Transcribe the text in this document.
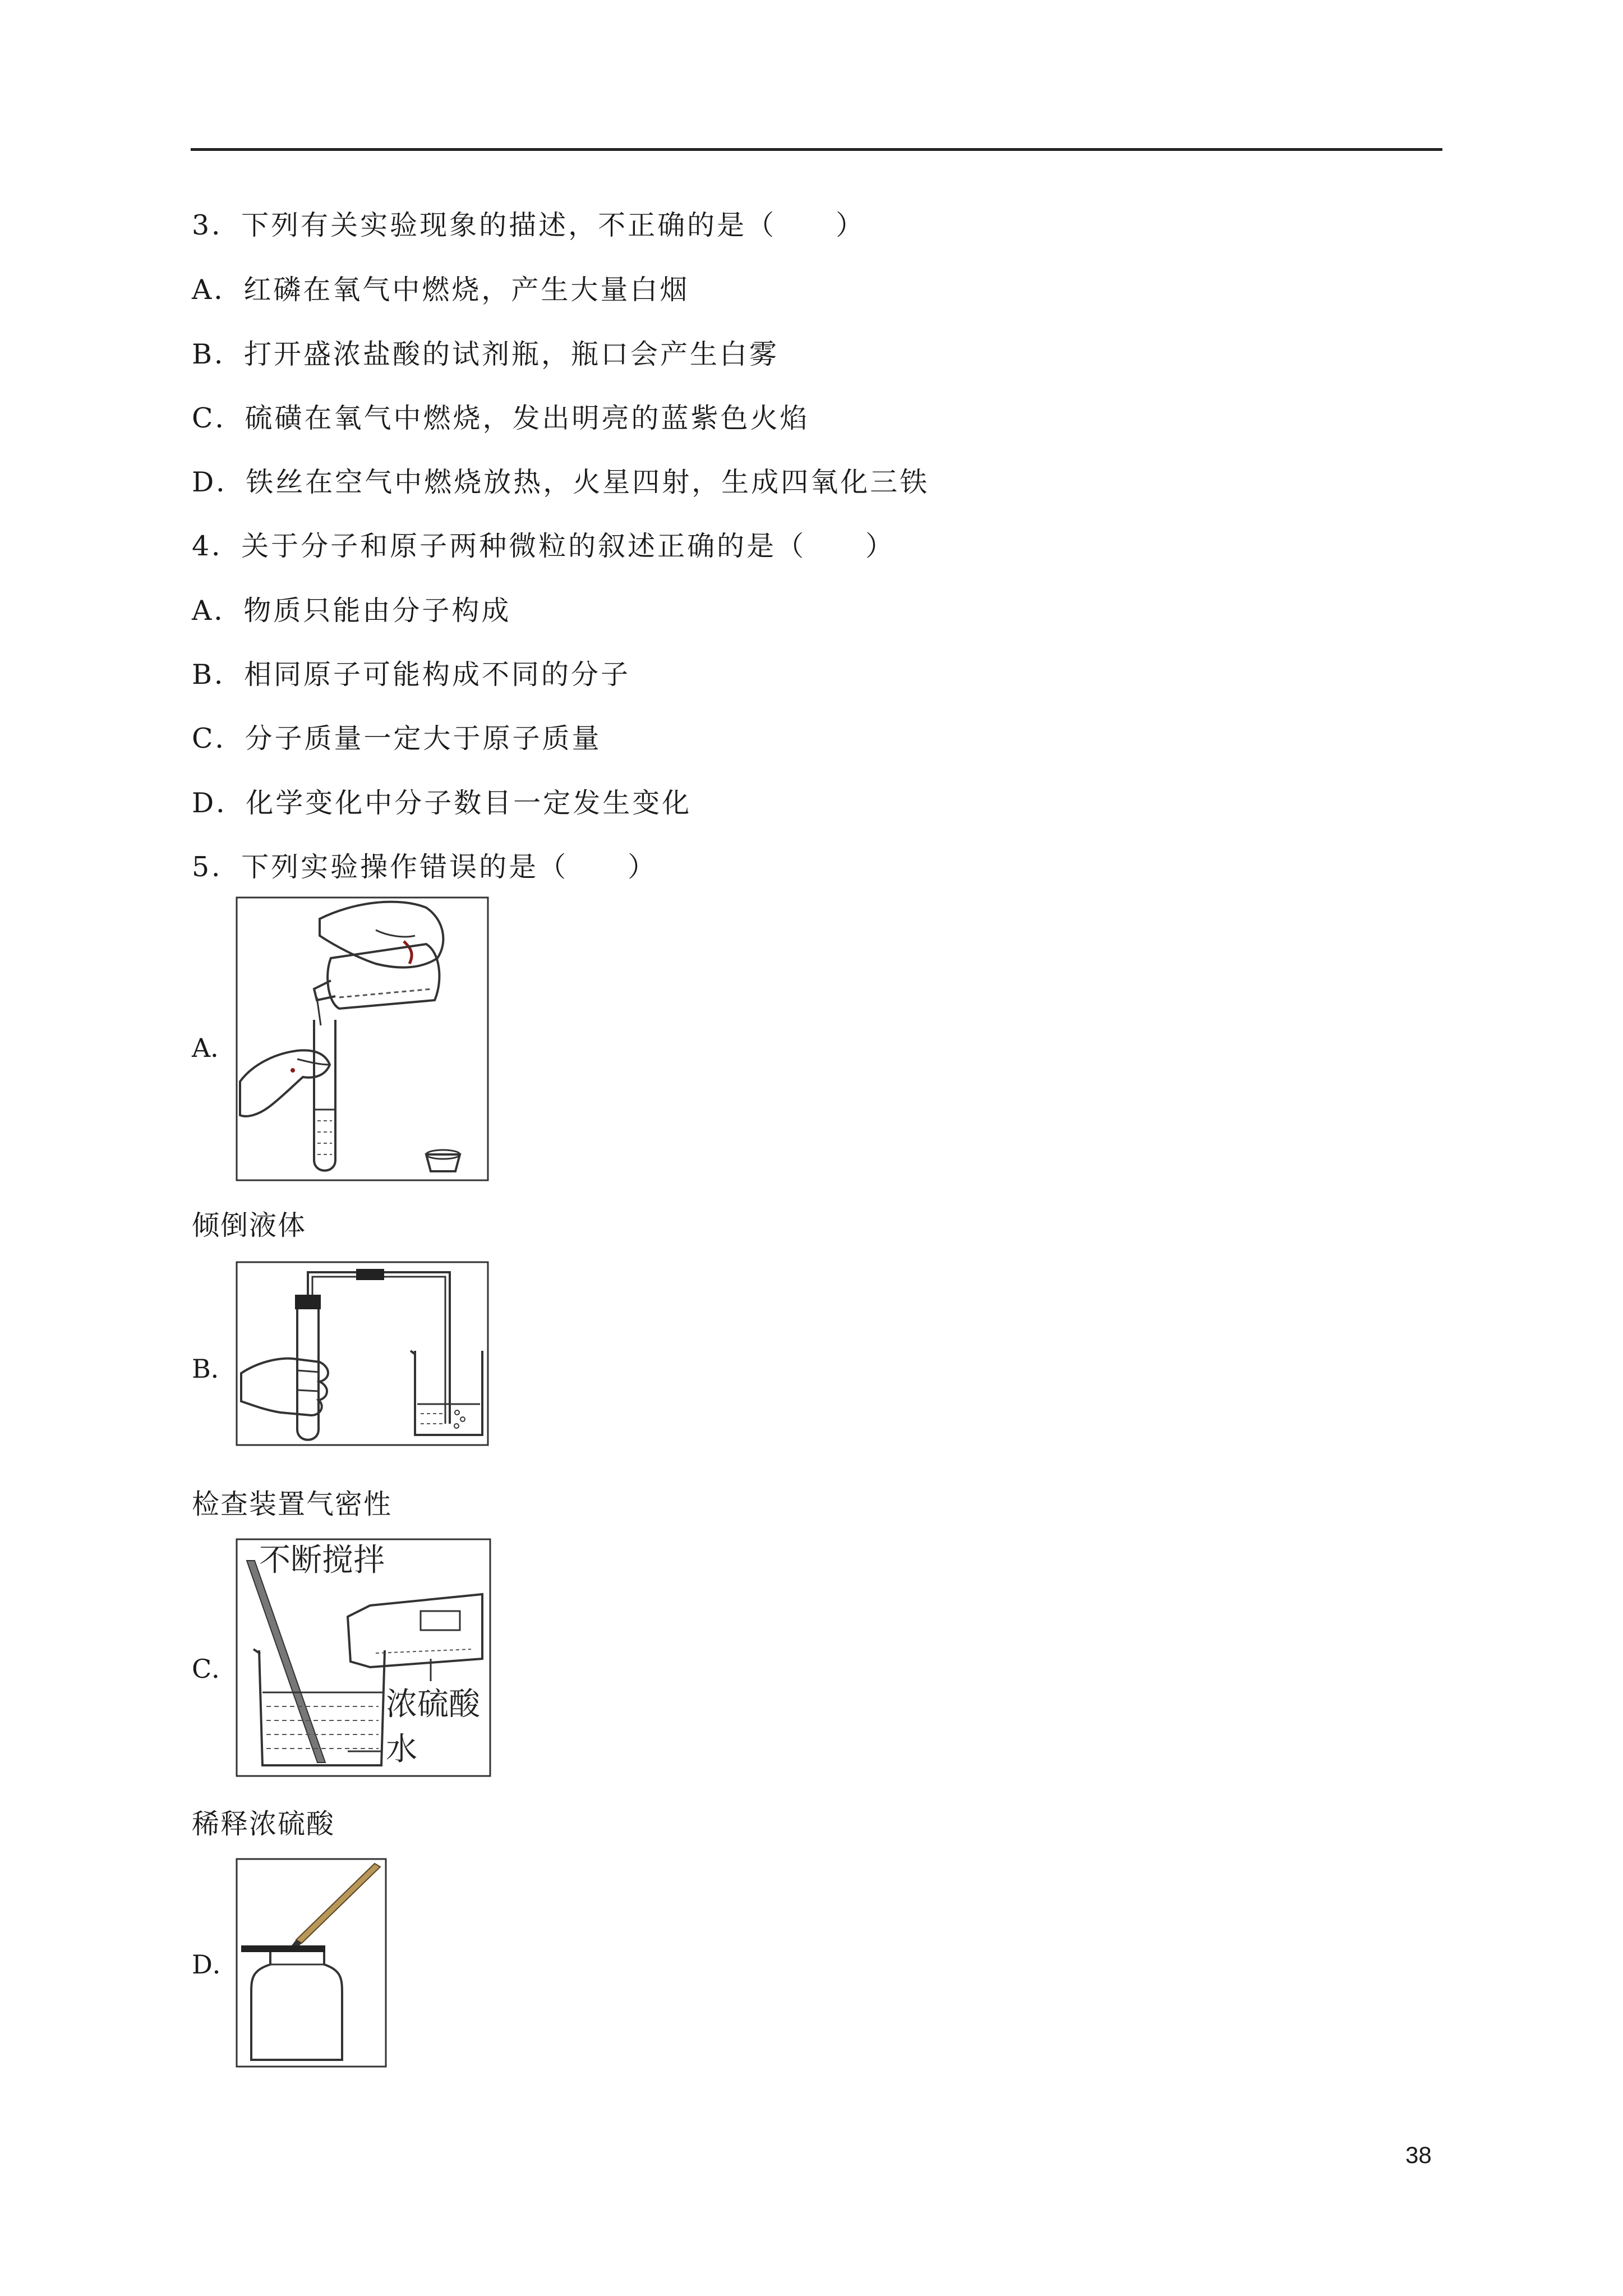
3．下列有关实验现象的描述，不正确的是（　　）
A．红磷在氧气中燃烧，产生大量白烟
B．打开盛浓盐酸的试剂瓶，瓶口会产生白雾
C．硫磺在氧气中燃烧，发出明亮的蓝紫色火焰
D．铁丝在空气中燃烧放热，火星四射，生成四氧化三铁
4．关于分子和原子两种微粒的叙述正确的是（　　）
A．物质只能由分子构成
B．相同原子可能构成不同的分子
C．分子质量一定大于原子质量
D．化学变化中分子数目一定发生变化
5．下列实验操作错误的是（　　）
A．
倾倒液体
B．
检查装置气密性
C．
不断搅拌
浓硫酸
水
稀释浓硫酸
D．
38
